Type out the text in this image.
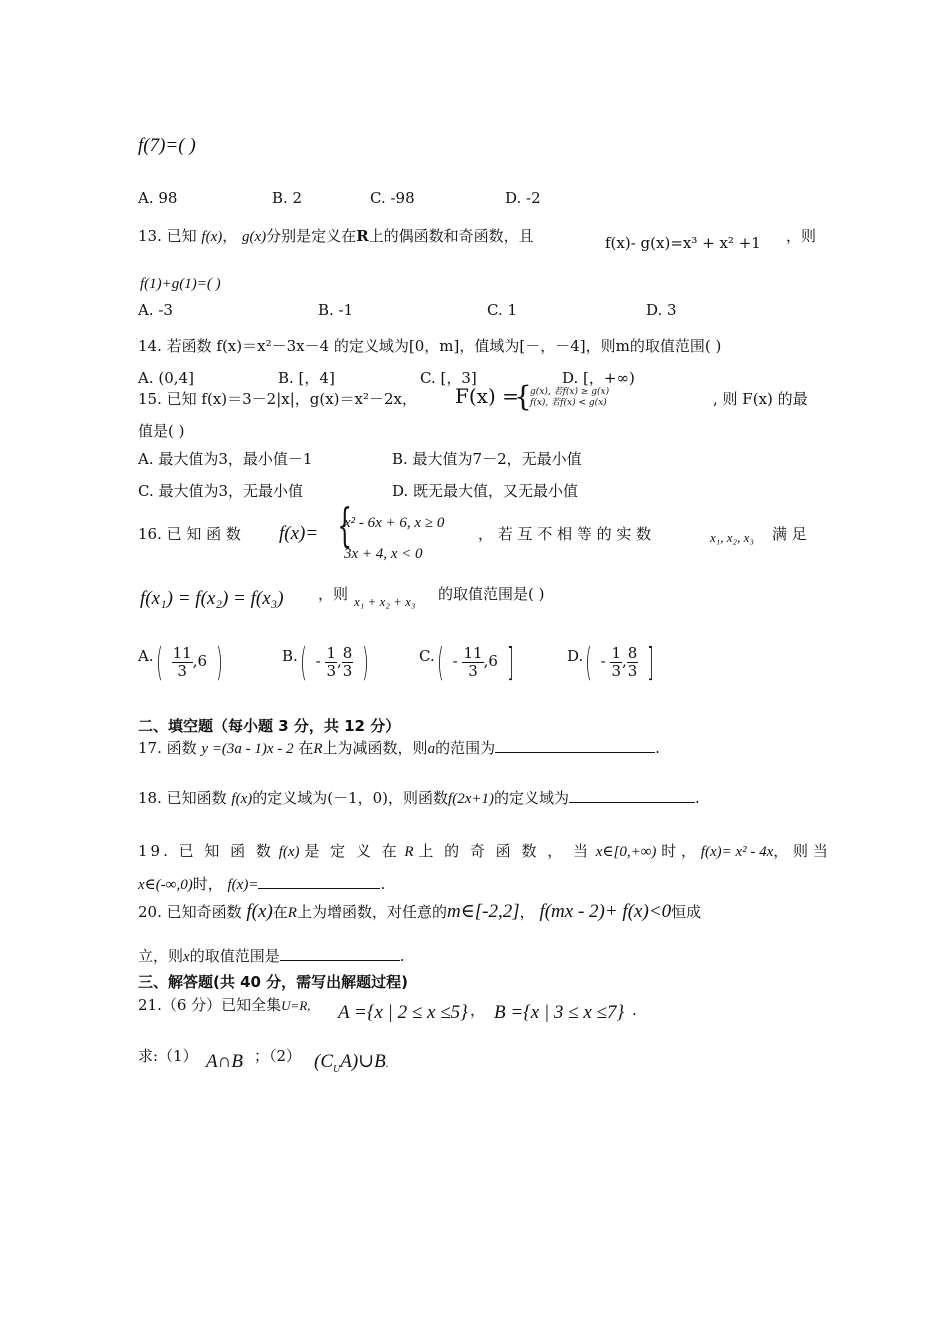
f(7)=( )
A. 98	B. 2	C. -98	D. -2
13. 已知 f(x)， g(x)分别是定义在R上的偶函数和奇函数，且	f(x)- g(x)=x³ + x² +1 ，则
f(1)+g(1)=( )
A. -3	B. -1	C. 1	D. 3
14. 若函数 f(x)＝x²－3x－4 的定义域为[0，m]，值域为[－，－4]，则m的取值范围( )
A. (0,4]	B. [，4]	C. [，3]	D. [，+∞)
15. 已知 f(x)＝3－2|x|，g(x)＝x²－2x， F(x) =
{
g(x), 若f(x) ≥ g(x)
f(x), 若f(x) < g(x)	, 则 F(x) 的最
值是( )
A. 最大值为3，最小值－1	B. 最大值为7－2，无最小值
C. 最大值为3，无最小值	D. 既无最大值，又无最小值
16. 已 知 函 数 f(x)= {
x² - 6x + 6, x ≥ 0
3x + 4, x < 0
， 若 互 不 相 等 的 实 数	x₁, x₂, x₃ 满 足
f(x₁) = f(x₂) = f(x₃) ，则 x₁ + x₂ + x₃ 的取值范围是( )
A. ( $\frac{11}{3} ,6$ )	B. ( - $\frac{1}{3}$ , $\frac{8}{3}$ )	C. ( - $\frac{11}{3} ,6$ ]	D. ( - $\frac{1}{3}$ , $\frac{8}{3}$ ]
二、填空题（每小题 3 分，共 12 分）
17. 函数 y =(3a - 1)x - 2 在R上为减函数，则a的范围为	.
18. 已知函数 f(x)的定义域为(－1，0)，则函数f(2x+1)的定义域为	.
19. 已 知 函 数 f(x) 是 定 义 在 R 上 的 奇 函 数 ， 当 x∈[0,+∞) 时 ， f(x)= x² - 4x， 则 当
x∈(-∞,0)时， f(x)=	.
20. 已知奇函数 f(x)在R上为增函数，对任意的m∈[-2,2]， f(mx - 2)+ f(x)<0恒成
立，则x的取值范围是	.
三、解答题(共 40 分，需写出解题过程)
21.（6 分）已知全集U=R, A ={x | 2 ≤ x ≤5} ， B ={x | 3 ≤ x ≤7} .
求:（1） A∩B ；（2） $(C_UA)\cup B$.
